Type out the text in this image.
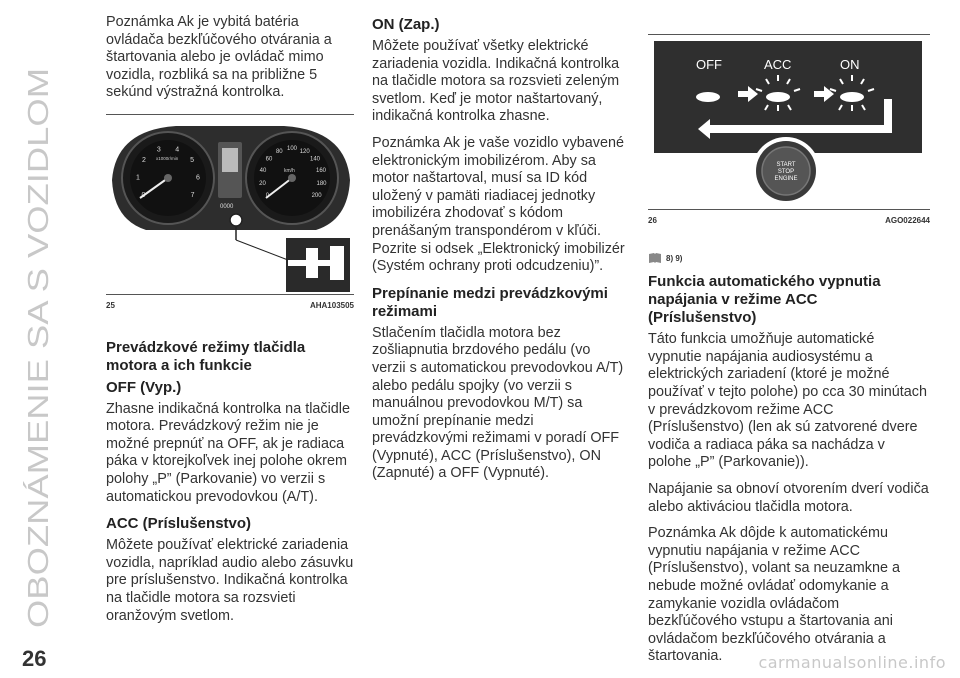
OBOZNÁMENIE SA S VOZIDLOM

Poznámka Ak je vybitá batéria ovládača bezkľúčového otvárania a štartovania alebo je ovládač mimo vozidla, rozbliká sa na približne 5 sekúnd výstražná kontrolka.

1
2
3 4
5
6
7
x1000r/min
20
40
60
80 100 120
140
160
180
200
km/h
0000
25	AHA103505
Prevádzkové režimy tlačidla motora a ich funkcie
OFF (Vyp.)

Zhasne indikačná kontrolka na tlačidle motora. Prevádzkový režim nie je možné prepnúť na OFF, ak je radiaca páka v ktorejkoľvek inej polohe okrem polohy „P” (Parkovanie) vo verzii s automatickou prevodovkou (A/T).

ACC (Príslušenstvo)

Môžete používať elektrické zariadenia vozidla, napríklad audio alebo zásuvku pre príslušenstvo. Indikačná kontrolka na tlačidle motora sa rozsvieti oranžovým svetlom.

ON (Zap.)

Môžete používať všetky elektrické zariadenia vozidla. Indikačná kontrolka na tlačidle motora sa rozsvieti zeleným svetlom. Keď je motor naštartovaný, indikačná kontrolka zhasne.

Poznámka Ak je vaše vozidlo vybavené elektronickým imobilizérom. Aby sa motor naštartoval, musí sa ID kód uložený v pamäti riadiacej jednotky imobilizéra zhodovať s kódom prenášaným transpondérom v kľúči. Pozrite si odsek „Elektronický imobilizér (Systém ochrany proti odcudzeniu)”.

Prepínanie medzi prevádzkovými režimami

Stlačením tlačidla motora bez zošliapnutia brzdového pedálu (vo verzii s automatickou prevodovkou A/T) alebo pedálu spojky (vo verzii s manuálnou prevodovkou M/T) sa umožní prepínanie medzi prevádzkovými režimami v poradí OFF (Vypnuté), ACC (Príslušenstvo), ON (Zapnuté) a OFF (Vypnuté).

OFF	ACC	ON
START
STOP
ENGINE
26	AGO022644
8) 9)
Funkcia automatického vypnutia napájania v režime ACC (Príslušenstvo)

Táto funkcia umožňuje automatické vypnutie napájania audiosystému a elektrických zariadení (ktoré je možné používať v tejto polohe) po cca 30 minútach v prevádzkovom režime ACC (Príslušenstvo) (len ak sú zatvorené dvere vodiča a radiaca páka sa nachádza v polohe „P” (Parkovanie)).

Napájanie sa obnoví otvorením dverí vodiča alebo aktiváciou tlačidla motora.

Poznámka Ak dôjde k automatickému vypnutiu napájania v režime ACC (Príslušenstvo), volant sa neuzamkne a nebude možné ovládať odomykanie a zamykanie vozidla ovládačom bezkľúčového vstupu a štartovania ani ovládačom bezkľúčového otvárania a štartovania.

26	carmanualsonline.info
